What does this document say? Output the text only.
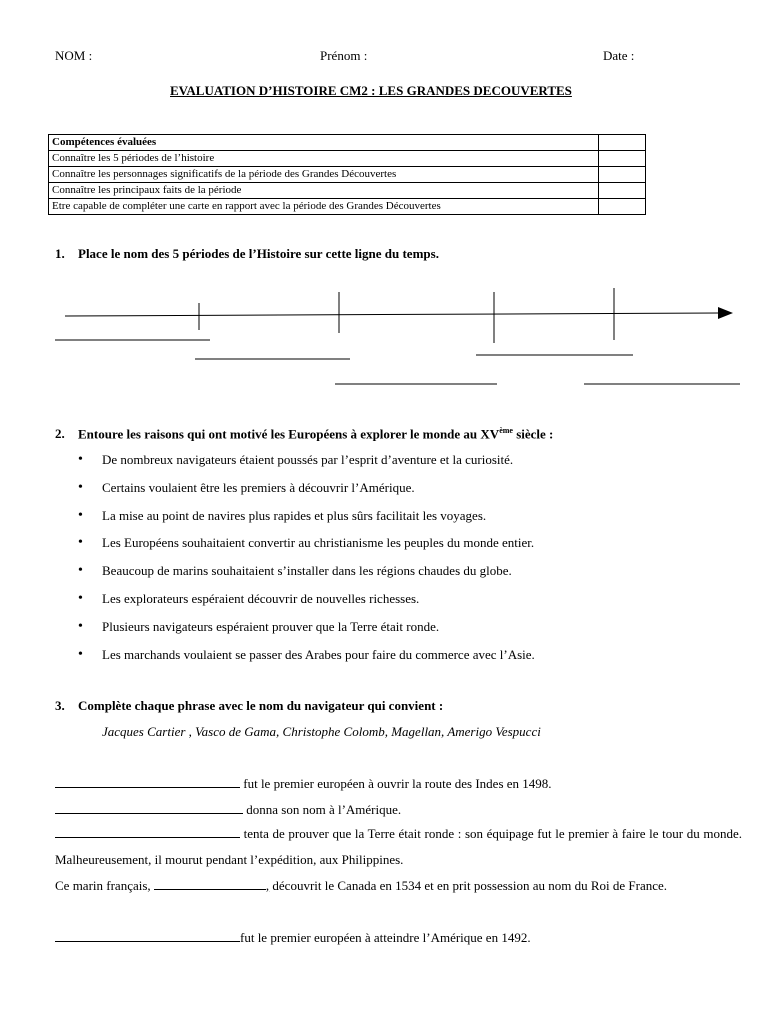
NOM :	Prénom :	Date :
EVALUATION D’HISTOIRE CM2 : LES GRANDES DECOUVERTES
Compétences évaluées	
Connaître les 5 périodes de l’histoire	
Connaître les personnages significatifs de la période des Grandes Découvertes	
Connaître les principaux faits de la période	
Etre capable de compléter une carte en rapport avec la période des Grandes Découvertes	
1. Place le nom des 5 périodes de l’Histoire sur cette ligne du temps.
2. Entoure les raisons qui ont motivé les Européens à explorer le monde au XVème siècle :
• De nombreux navigateurs étaient poussés par l’esprit d’aventure et la curiosité.
• Certains voulaient être les premiers à découvrir l’Amérique.
• La mise au point de navires plus rapides et plus sûrs facilitait les voyages.
• Les Européens souhaitaient convertir au christianisme les peuples du monde entier.
• Beaucoup de marins souhaitaient s’installer dans les régions chaudes du globe.
• Les explorateurs espéraient découvrir de nouvelles richesses.
• Plusieurs navigateurs espéraient prouver que la Terre était ronde.
• Les marchands voulaient se passer des Arabes pour faire du commerce avec l’Asie.
3. Complète chaque phrase avec le nom du navigateur qui convient :
Jacques Cartier , Vasco de Gama, Christophe Colomb, Magellan, Amerigo Vespucci
fut le premier européen à ouvrir la route des Indes en 1498.
donna son nom à l’Amérique.
tenta de prouver que la Terre était ronde : son équipage fut le premier à faire le tour du monde. Malheureusement, il mourut pendant l’expédition, aux Philippines.
Ce marin français,	, découvrit le Canada en 1534 et en prit possession au nom du Roi de France.
fut le premier européen à atteindre l’Amérique en 1492.
